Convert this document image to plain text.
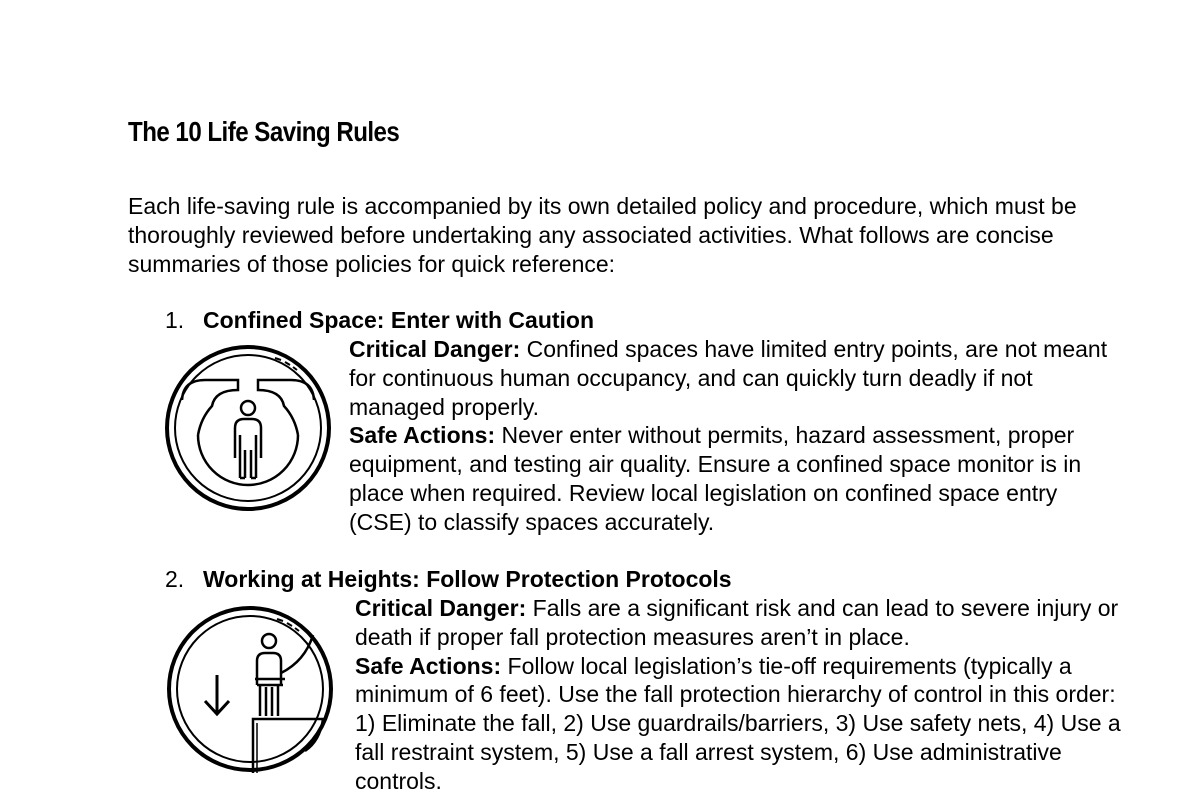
The 10 Life Saving Rules
Each life-saving rule is accompanied by its own detailed policy and procedure, which must be thoroughly reviewed before undertaking any associated activities. What follows are concise summaries of those policies for quick reference:
1. Confined Space: Enter with Caution

Critical Danger: Confined spaces have limited entry points, are not meant for continuous human occupancy, and can quickly turn deadly if not managed properly.

Safe Actions: Never enter without permits, hazard assessment, proper equipment, and testing air quality. Ensure a confined space monitor is in place when required. Review local legislation on confined space entry (CSE) to classify spaces accurately.

2. Working at Heights: Follow Protection Protocols

Critical Danger: Falls are a significant risk and can lead to severe injury or death if proper fall protection measures aren’t in place.

Safe Actions: Follow local legislation’s tie-off requirements (typically a minimum of 6 feet). Use the fall protection hierarchy of control in this order: 1) Eliminate the fall, 2) Use guardrails/barriers, 3) Use safety nets, 4) Use a fall restraint system, 5) Use a fall arrest system, 6) Use administrative controls.
